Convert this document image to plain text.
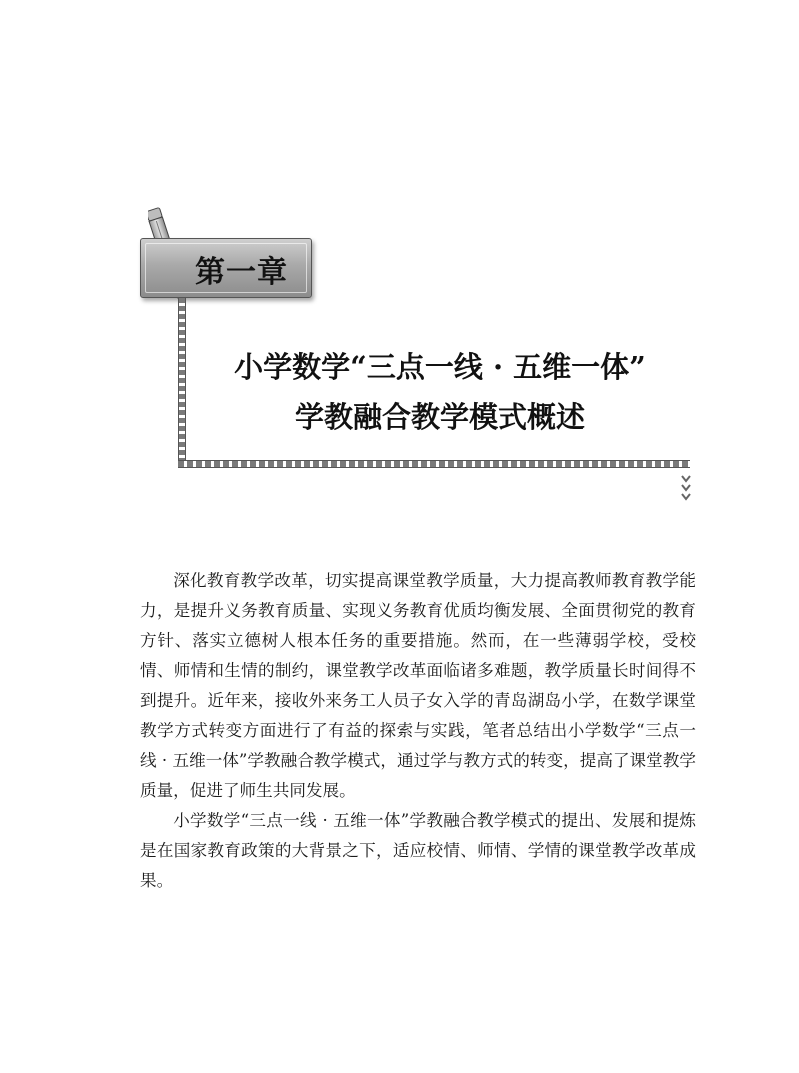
第一章
小学数学“三点一线 · 五维一体”
学教融合教学模式概述

深化教育教学改革，切实提高课堂教学质量，大力提高教师教育教学能力，是提升义务教育质量、实现义务教育优质均衡发展、全面贯彻党的教育方针、落实立德树人根本任务的重要措施。然而，在一些薄弱学校，受校情、师情和生情的制约，课堂教学改革面临诸多难题，教学质量长时间得不到提升。近年来，接收外来务工人员子女入学的青岛湖岛小学，在数学课堂教学方式转变方面进行了有益的探索与实践，笔者总结出小学数学“三点一线 · 五维一体”学教融合教学模式，通过学与教方式的转变，提高了课堂教学质量，促进了师生共同发展。

小学数学“三点一线 · 五维一体”学教融合教学模式的提出、发展和提炼是在国家教育政策的大背景之下，适应校情、师情、学情的课堂教学改革成果。
